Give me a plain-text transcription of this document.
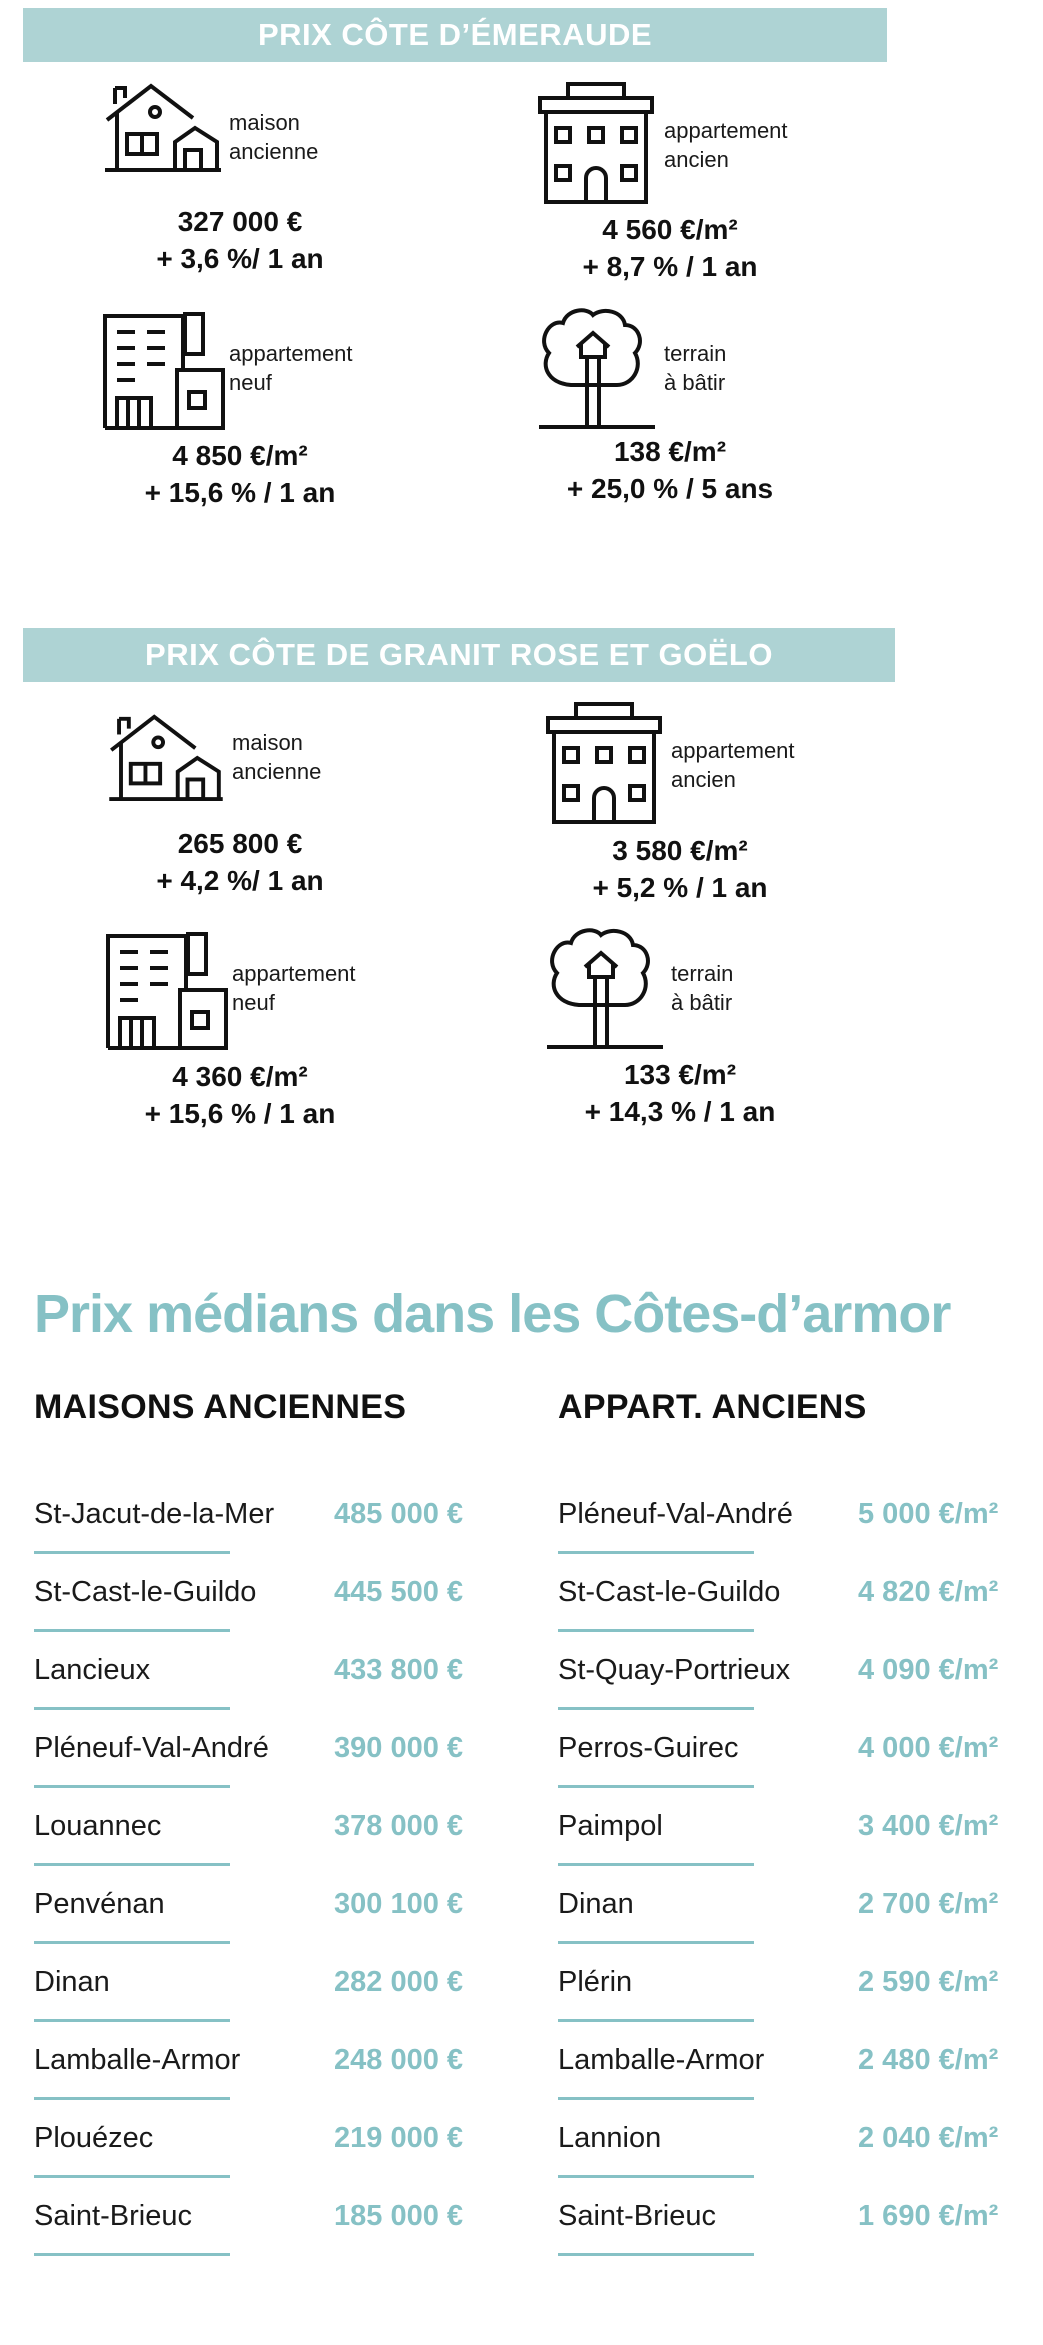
PRIX CÔTE D’ÉMERAUDE
maison
ancienne
327 000 €
+ 3,6 %/ 1 an
appartement
ancien
4 560 €/m²
+ 8,7 % / 1 an
appartement
neuf
4 850 €/m²
+ 15,6 % / 1 an
terrain
à bâtir
138 €/m²
+ 25,0 % / 5 ans
PRIX CÔTE DE GRANIT ROSE ET GOËLO
maison
ancienne
265 800 €
+ 4,2 %/ 1 an
appartement
ancien
3 580 €/m²
+ 5,2 % / 1 an
appartement
neuf
4 360 €/m²
+ 15,6 % / 1 an
terrain
à bâtir
133 €/m²
+ 14,3 % / 1 an
Prix médians dans les Côtes-d’armor
MAISONS ANCIENNES	APPART. ANCIENS
St-Jacut-de-la-Mer 485 000 €
St-Cast-le-Guildo	445 500 €
Lancieux	433 800 €
Pléneuf-Val-André 390 000 €
Louannec	378 000 €
Penvénan	300 100 €
Dinan	282 000 €
Lamballe-Armor	248 000 €
Plouézec	219 000 €
Saint-Brieuc	185 000 €
Pléneuf-Val-André 5 000 €/m²
St-Cast-le-Guildo	4 820 €/m²
St-Quay-Portrieux 4 090 €/m²
Perros-Guirec	4 000 €/m²
Paimpol	3 400 €/m²
Dinan	2 700 €/m²
Plérin	2 590 €/m²
Lamballe-Armor	2 480 €/m²
Lannion	2 040 €/m²
Saint-Brieuc	1 690 €/m²
